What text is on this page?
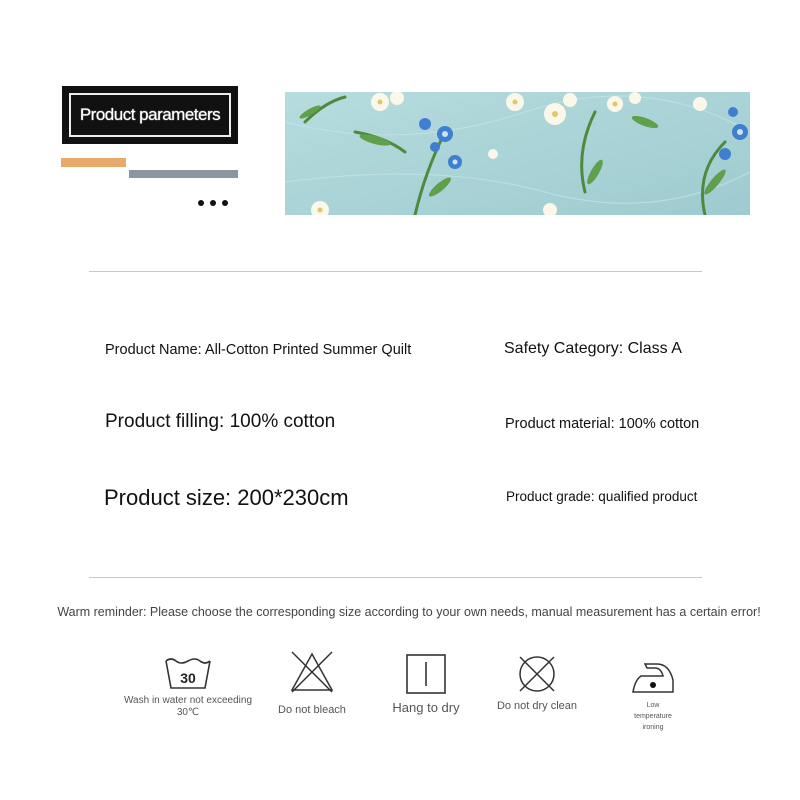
Product parameters
Product Name: All-Cotton Printed Summer Quilt	Safety Category: Class A
Product filling: 100% cotton	Product material: 100% cotton
Product size: 200*230cm	Product grade: qualified product
Warm reminder: Please choose the corresponding size according to your own needs, manual measurement has a certain error!
30
Wash in water not exceeding 30℃	Do not bleach	Hang to dry	Do not dry clean	Low temperature ironing
